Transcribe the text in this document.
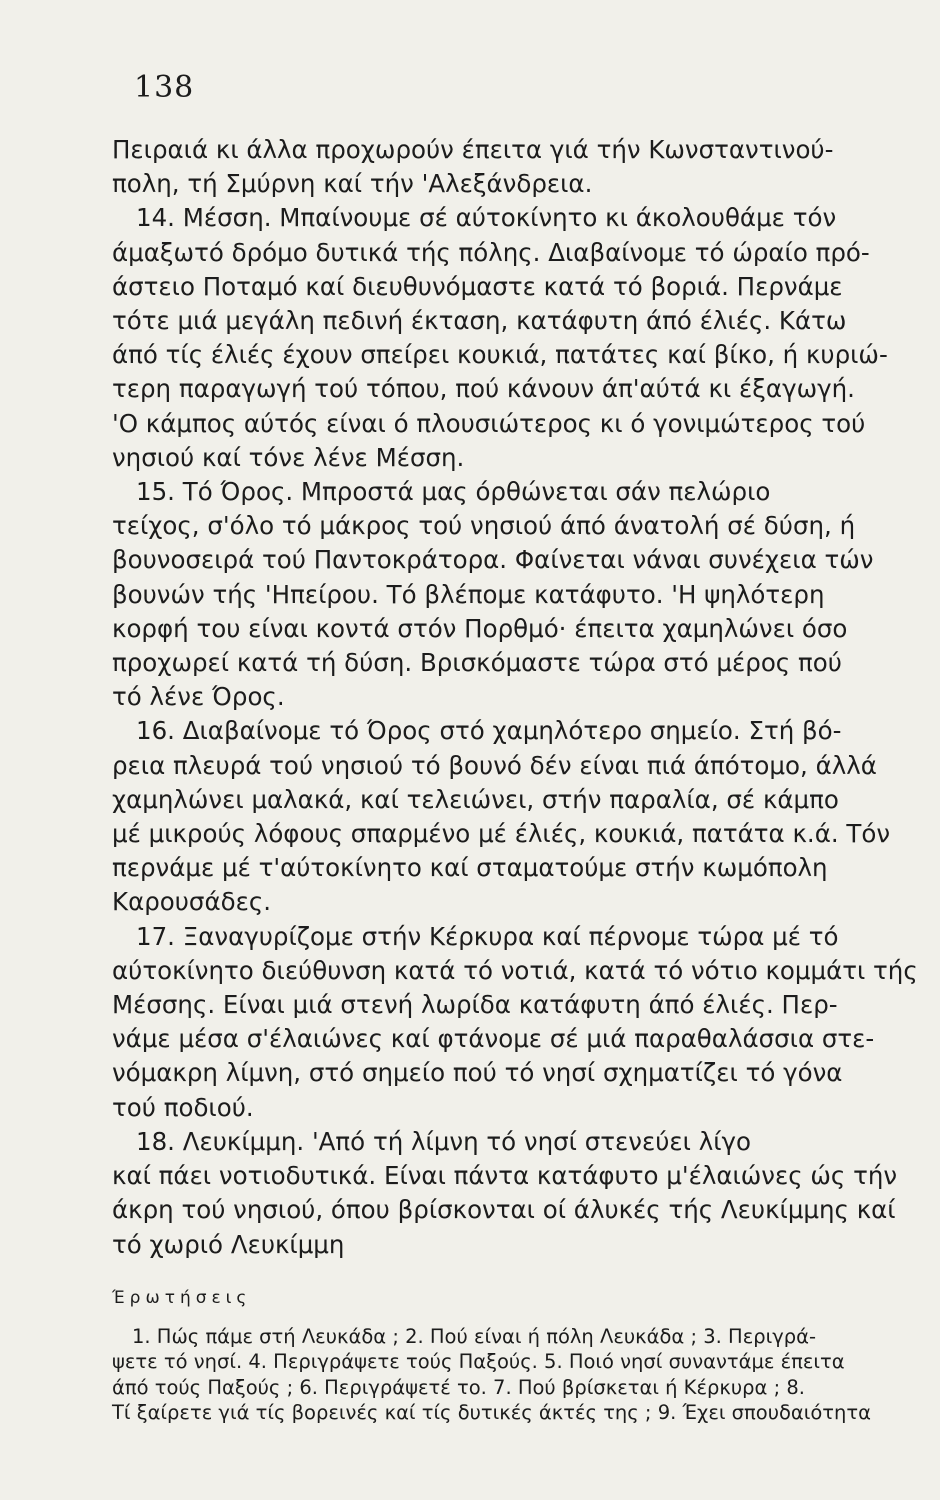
138

Πειραιά κι άλλα προχωρούν έπειτα γιά τήν Κωνσταντινού-

πολη, τή Σμύρνη καί τήν 'Αλεξάνδρεια.

14. Μέσση. Μπαίνουμε σέ αύτοκίνητο κι άκολουθάμε τόν

άμαξωτό δρόμο δυτικά τής πόλης. Διαβαίνομε τό ώραίο πρό-

άστειο Ποταμό καί διευθυνόμαστε κατά τό βοριά. Περνάμε

τότε μιά μεγάλη πεδινή έκταση, κατάφυτη άπό έλιές. Κάτω

άπό τίς έλιές έχουν σπείρει κουκιά, πατάτες καί βίκο, ή κυριώ-

τερη παραγωγή τού τόπου, πού κάνουν άπ'αύτά κι έξαγωγή.

'Ο κάμπος αύτός είναι ό πλουσιώτερος κι ό γονιμώτερος τού

νησιού καί τόνε λένε Μέσση.

15. Τό Όρος. Μπροστά μας όρθώνεται σάν πελώριο

τείχος, σ'όλο τό μάκρος τού νησιού άπό άνατολή σέ δύση, ή

βουνοσειρά τού Παντοκράτορα. Φαίνεται νάναι συνέχεια τών

βουνών τής 'Ηπείρου. Τό βλέπομε κατάφυτο. 'Η ψηλότερη

κορφή του είναι κοντά στόν Πορθμό· έπειτα χαμηλώνει όσο

προχωρεί κατά τή δύση. Βρισκόμαστε τώρα στό μέρος πού

τό λένε Όρος.

16. Διαβαίνομε τό Όρος στό χαμηλότερο σημείο. Στή βό-

ρεια πλευρά τού νησιού τό βουνό δέν είναι πιά άπότομο, άλλά

χαμηλώνει μαλακά, καί τελειώνει, στήν παραλία, σέ κάμπο

μέ μικρούς λόφους σπαρμένο μέ έλιές, κουκιά, πατάτα κ.ά. Τόν

περνάμε μέ τ'αύτοκίνητο καί σταματούμε στήν κωμόπολη

Καρουσάδες.

17. Ξαναγυρίζομε στήν Κέρκυρα καί πέρνομε τώρα μέ τό

αύτοκίνητο διεύθυνση κατά τό νοτιά, κατά τό νότιο κομμάτι τής

Μέσσης. Είναι μιά στενή λωρίδα κατάφυτη άπό έλιές. Περ-

νάμε μέσα σ'έλαιώνες καί φτάνομε σέ μιά παραθαλάσσια στε-

νόμακρη λίμνη, στό σημείο πού τό νησί σχηματίζει τό γόνα

τού ποδιού.

18. Λευκίμμη. 'Από τή λίμνη τό νησί στενεύει λίγο

καί πάει νοτιοδυτικά. Είναι πάντα κατάφυτο μ'έλαιώνες ώς τήν

άκρη τού νησιού, όπου βρίσκονται οί άλυκές τής Λευκίμμης καί

τό χωριό Λευκίμμη

Έρωτήσεις

1. Πώς πάμε στή Λευκάδα ; 2. Πού είναι ή πόλη Λευκάδα ; 3. Περιγρά-

ψετε τό νησί. 4. Περιγράψετε τούς Παξούς. 5. Ποιό νησί συναντάμε έπειτα

άπό τούς Παξούς ; 6. Περιγράψετέ το. 7. Πού βρίσκεται ή Κέρκυρα ; 8.

Τί ξαίρετε γιά τίς βορεινές καί τίς δυτικές άκτές της ; 9. Έχει σπουδαιότητα
